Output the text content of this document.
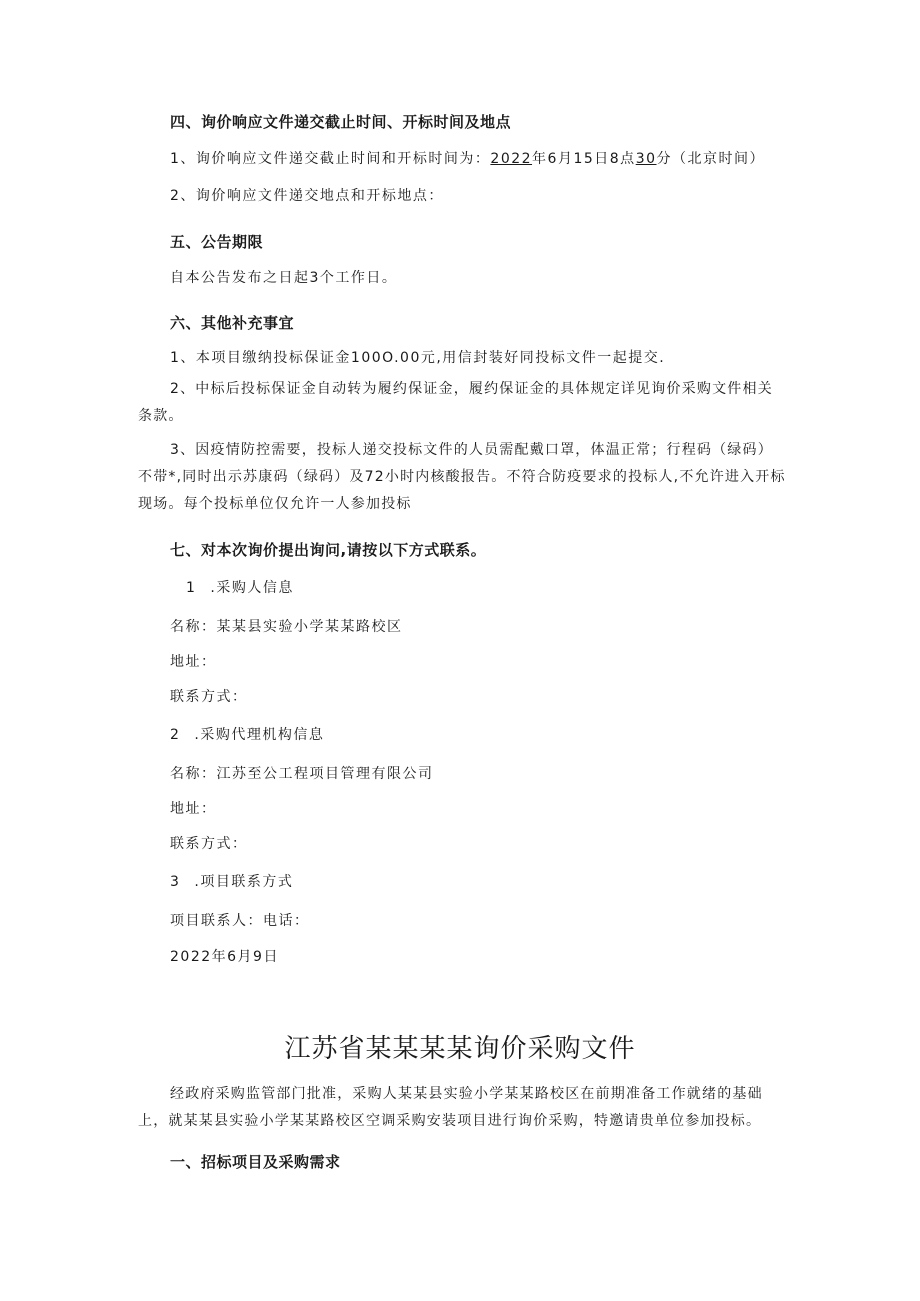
四、询价响应文件递交截止时间、开标时间及地点
1、询价响应文件递交截止时间和开标时间为：2022年6月15日8点30分（北京时间）
2、询价响应文件递交地点和开标地点：
五、公告期限
自本公告发布之日起3个工作日。
六、其他补充事宜
1、本项目缴纳投标保证金100O.00元,用信封装好同投标文件一起提交.
2、中标后投标保证金自动转为履约保证金，履约保证金的具体规定详见询价采购文件相关条款。
3、因疫情防控需要，投标人递交投标文件的人员需配戴口罩，体温正常；行程码（绿码）不带*,同时出示苏康码（绿码）及72小时内核酸报告。不符合防疫要求的投标人,不允许进入开标现场。每个投标单位仅允许一人参加投标
七、对本次询价提出询问,请按以下方式联系。
1 .采购人信息
名称：某某县实验小学某某路校区
地址：
联系方式：
2 .采购代理机构信息
名称：江苏至公工程项目管理有限公司
地址：
联系方式：
3 .项目联系方式
项目联系人：电话：
2022年6月9日
江苏省某某某某询价采购文件
经政府采购监管部门批准，采购人某某县实验小学某某路校区在前期准备工作就绪的基础上，就某某县实验小学某某路校区空调采购安装项目进行询价采购，特邀请贵单位参加投标。
一、招标项目及采购需求
